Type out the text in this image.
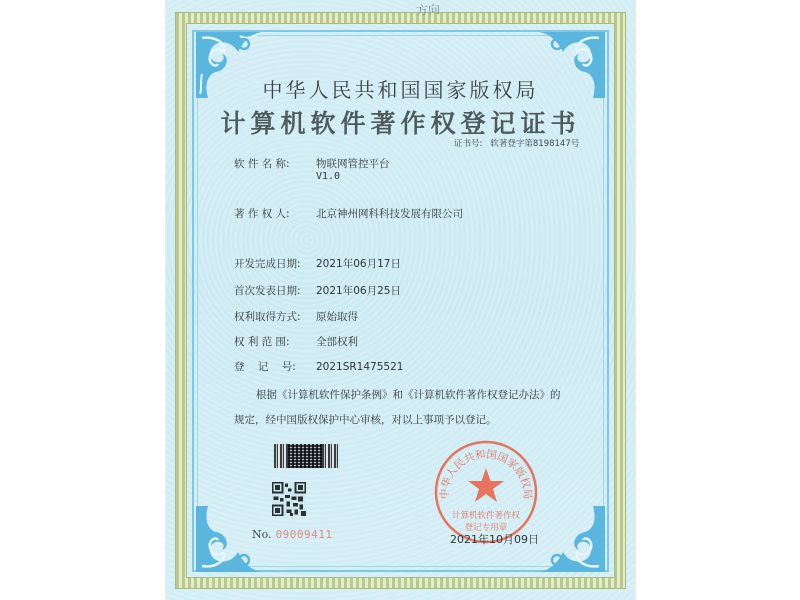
方向
中华人民共和国国家版权局
计算机软件著作权登记证书
证书号: 软著登字第8198147号
软 件 名 称:	物联网管控平台
V1.0
著 作 权 人:	北京神州网科科技发展有限公司
开发完成日期: 2021年06月17日
首次发表日期: 2021年06月25日
权利取得方式: 原始取得
权 利 范 围:	全部权利
登    记    号: 2021SR1475521
根据《计算机软件保护条例》和《计算机软件著作权登记办法》的
规定，经中国版权保护中心审核，对以上事项予以登记。
No. 09009411
中华人民共和国国家版权局
计算机软件著作权
登记专用章
2021年10月09日
